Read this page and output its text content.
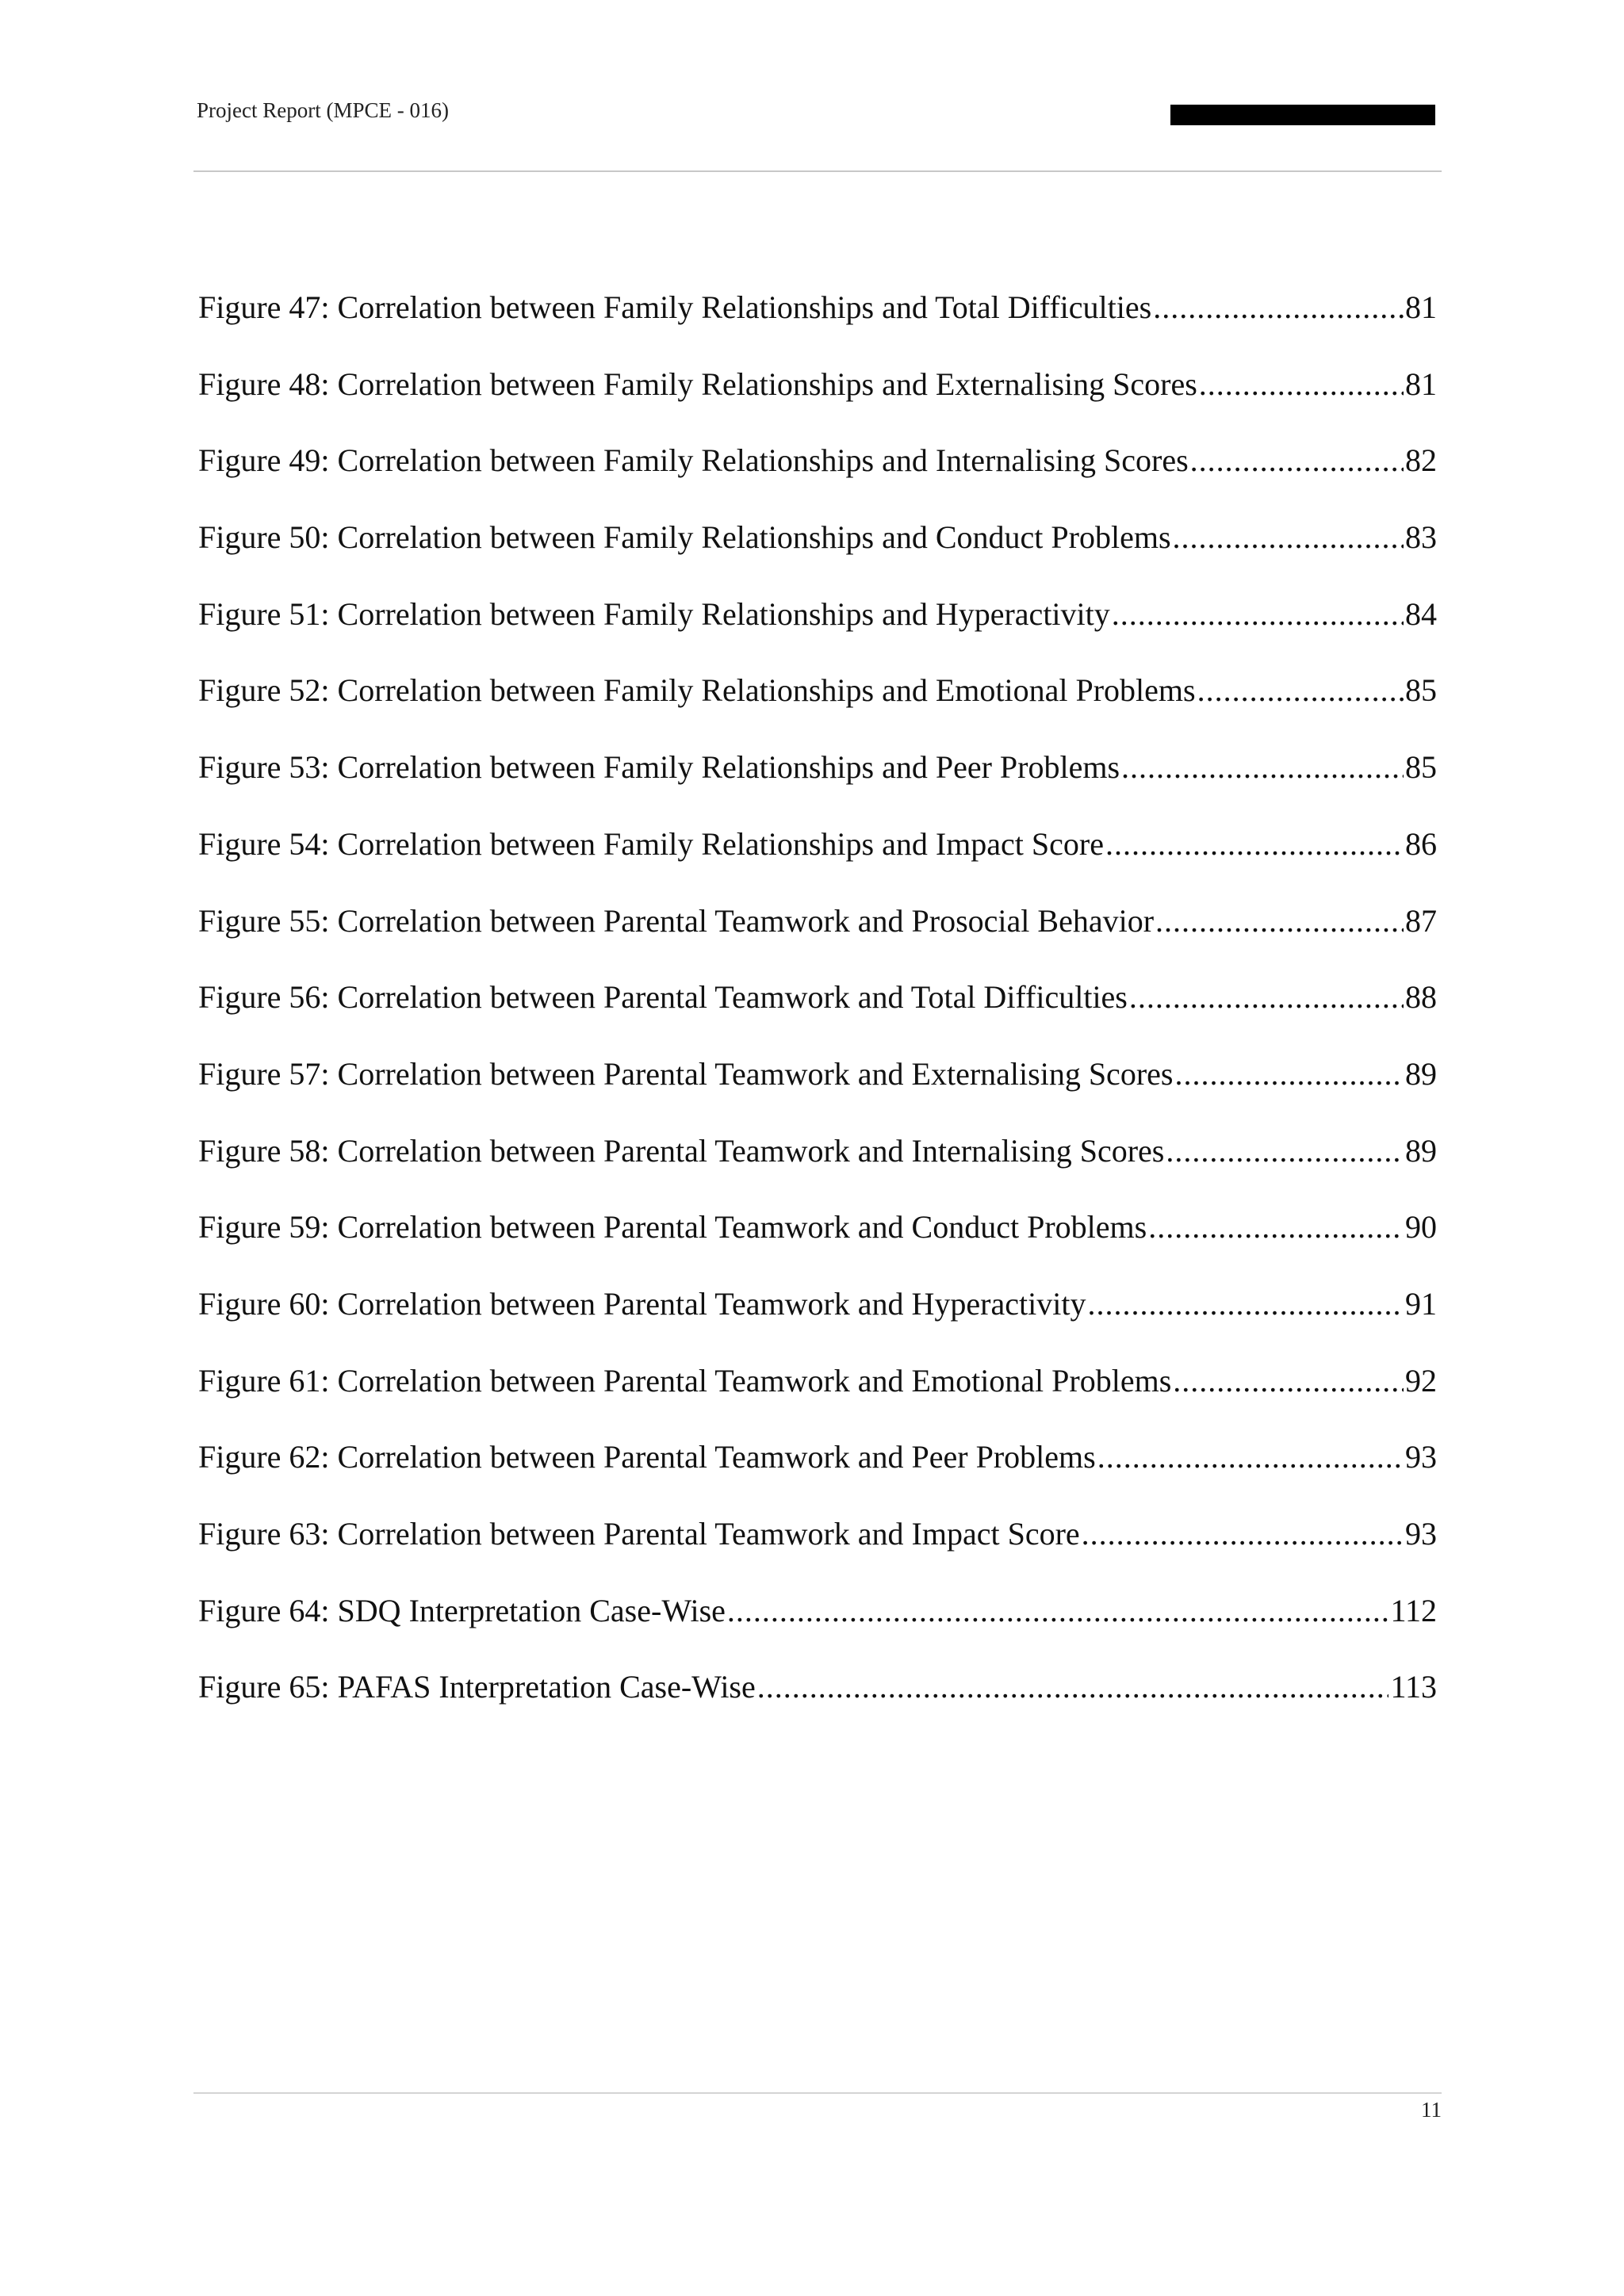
Project Report (MPCE - 016)
Figure 47: Correlation between Family Relationships and Total Difficulties .....	81
Figure 48: Correlation between Family Relationships and Externalising Scores .....	81
Figure 49: Correlation between Family Relationships and Internalising Scores .....	82
Figure 50: Correlation between Family Relationships and Conduct Problems .....	83
Figure 51: Correlation between Family Relationships and Hyperactivity .....	84
Figure 52: Correlation between Family Relationships and Emotional Problems .....	85
Figure 53: Correlation between Family Relationships and Peer Problems .....	85
Figure 54: Correlation between Family Relationships and Impact Score .....	86
Figure 55: Correlation between Parental Teamwork and Prosocial Behavior .....	87
Figure 56: Correlation between Parental Teamwork and Total Difficulties .....	88
Figure 57: Correlation between Parental Teamwork and Externalising Scores .....	89
Figure 58: Correlation between Parental Teamwork and Internalising Scores .....	89
Figure 59: Correlation between Parental Teamwork and Conduct Problems .....	90
Figure 60: Correlation between Parental Teamwork and Hyperactivity .....	91
Figure 61: Correlation between Parental Teamwork and Emotional Problems .....	92
Figure 62: Correlation between Parental Teamwork and Peer Problems .....	93
Figure 63: Correlation between Parental Teamwork and Impact Score .....	93
Figure 64: SDQ Interpretation Case-Wise .....	112
Figure 65: PAFAS Interpretation Case-Wise .....	113
11
